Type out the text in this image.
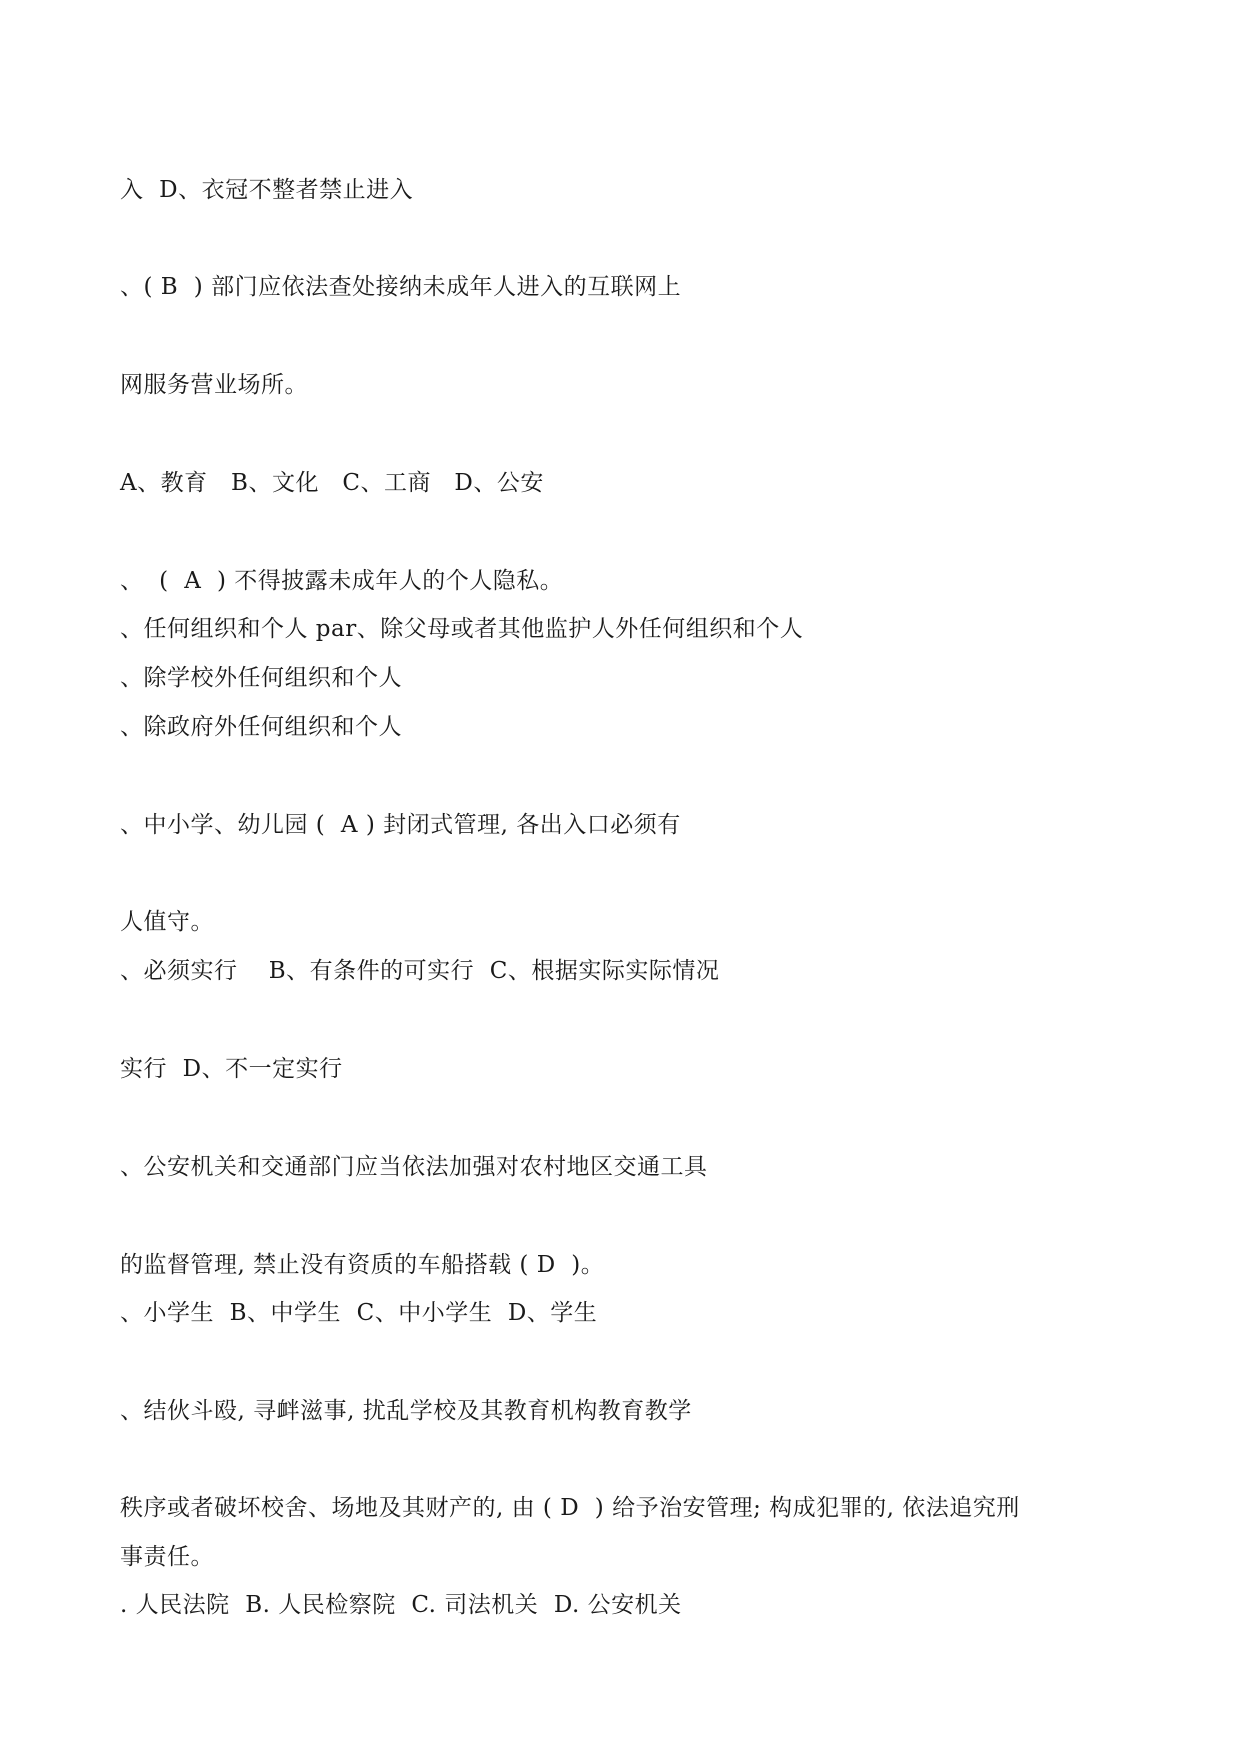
入  D、衣冠不整者禁止进入
、( B  ) 部门应依法查处接纳未成年人进入的互联网上
网服务营业场所。
A、教育   B、文化   C、工商   D、公安
、  (  A  ) 不得披露未成年人的个人隐私。
、任何组织和个人 par、除父母或者其他监护人外任何组织和个人
、除学校外任何组织和个人
、除政府外任何组织和个人
、中小学、幼儿园 (  A ) 封闭式管理, 各出入口必须有
人值守。
、必须实行    B、有条件的可实行  C、根据实际实际情况
实行  D、不一定实行
、公安机关和交通部门应当依法加强对农村地区交通工具
的监督管理, 禁止没有资质的车船搭载 ( D  )。
、小学生  B、中学生  C、中小学生  D、学生
、结伙斗殴, 寻衅滋事, 扰乱学校及其教育机构教育教学
秩序或者破坏校舍、场地及其财产的, 由 ( D  ) 给予治安管理; 构成犯罪的, 依法追究刑
事责任。
. 人民法院  B. 人民检察院  C. 司法机关  D. 公安机关
